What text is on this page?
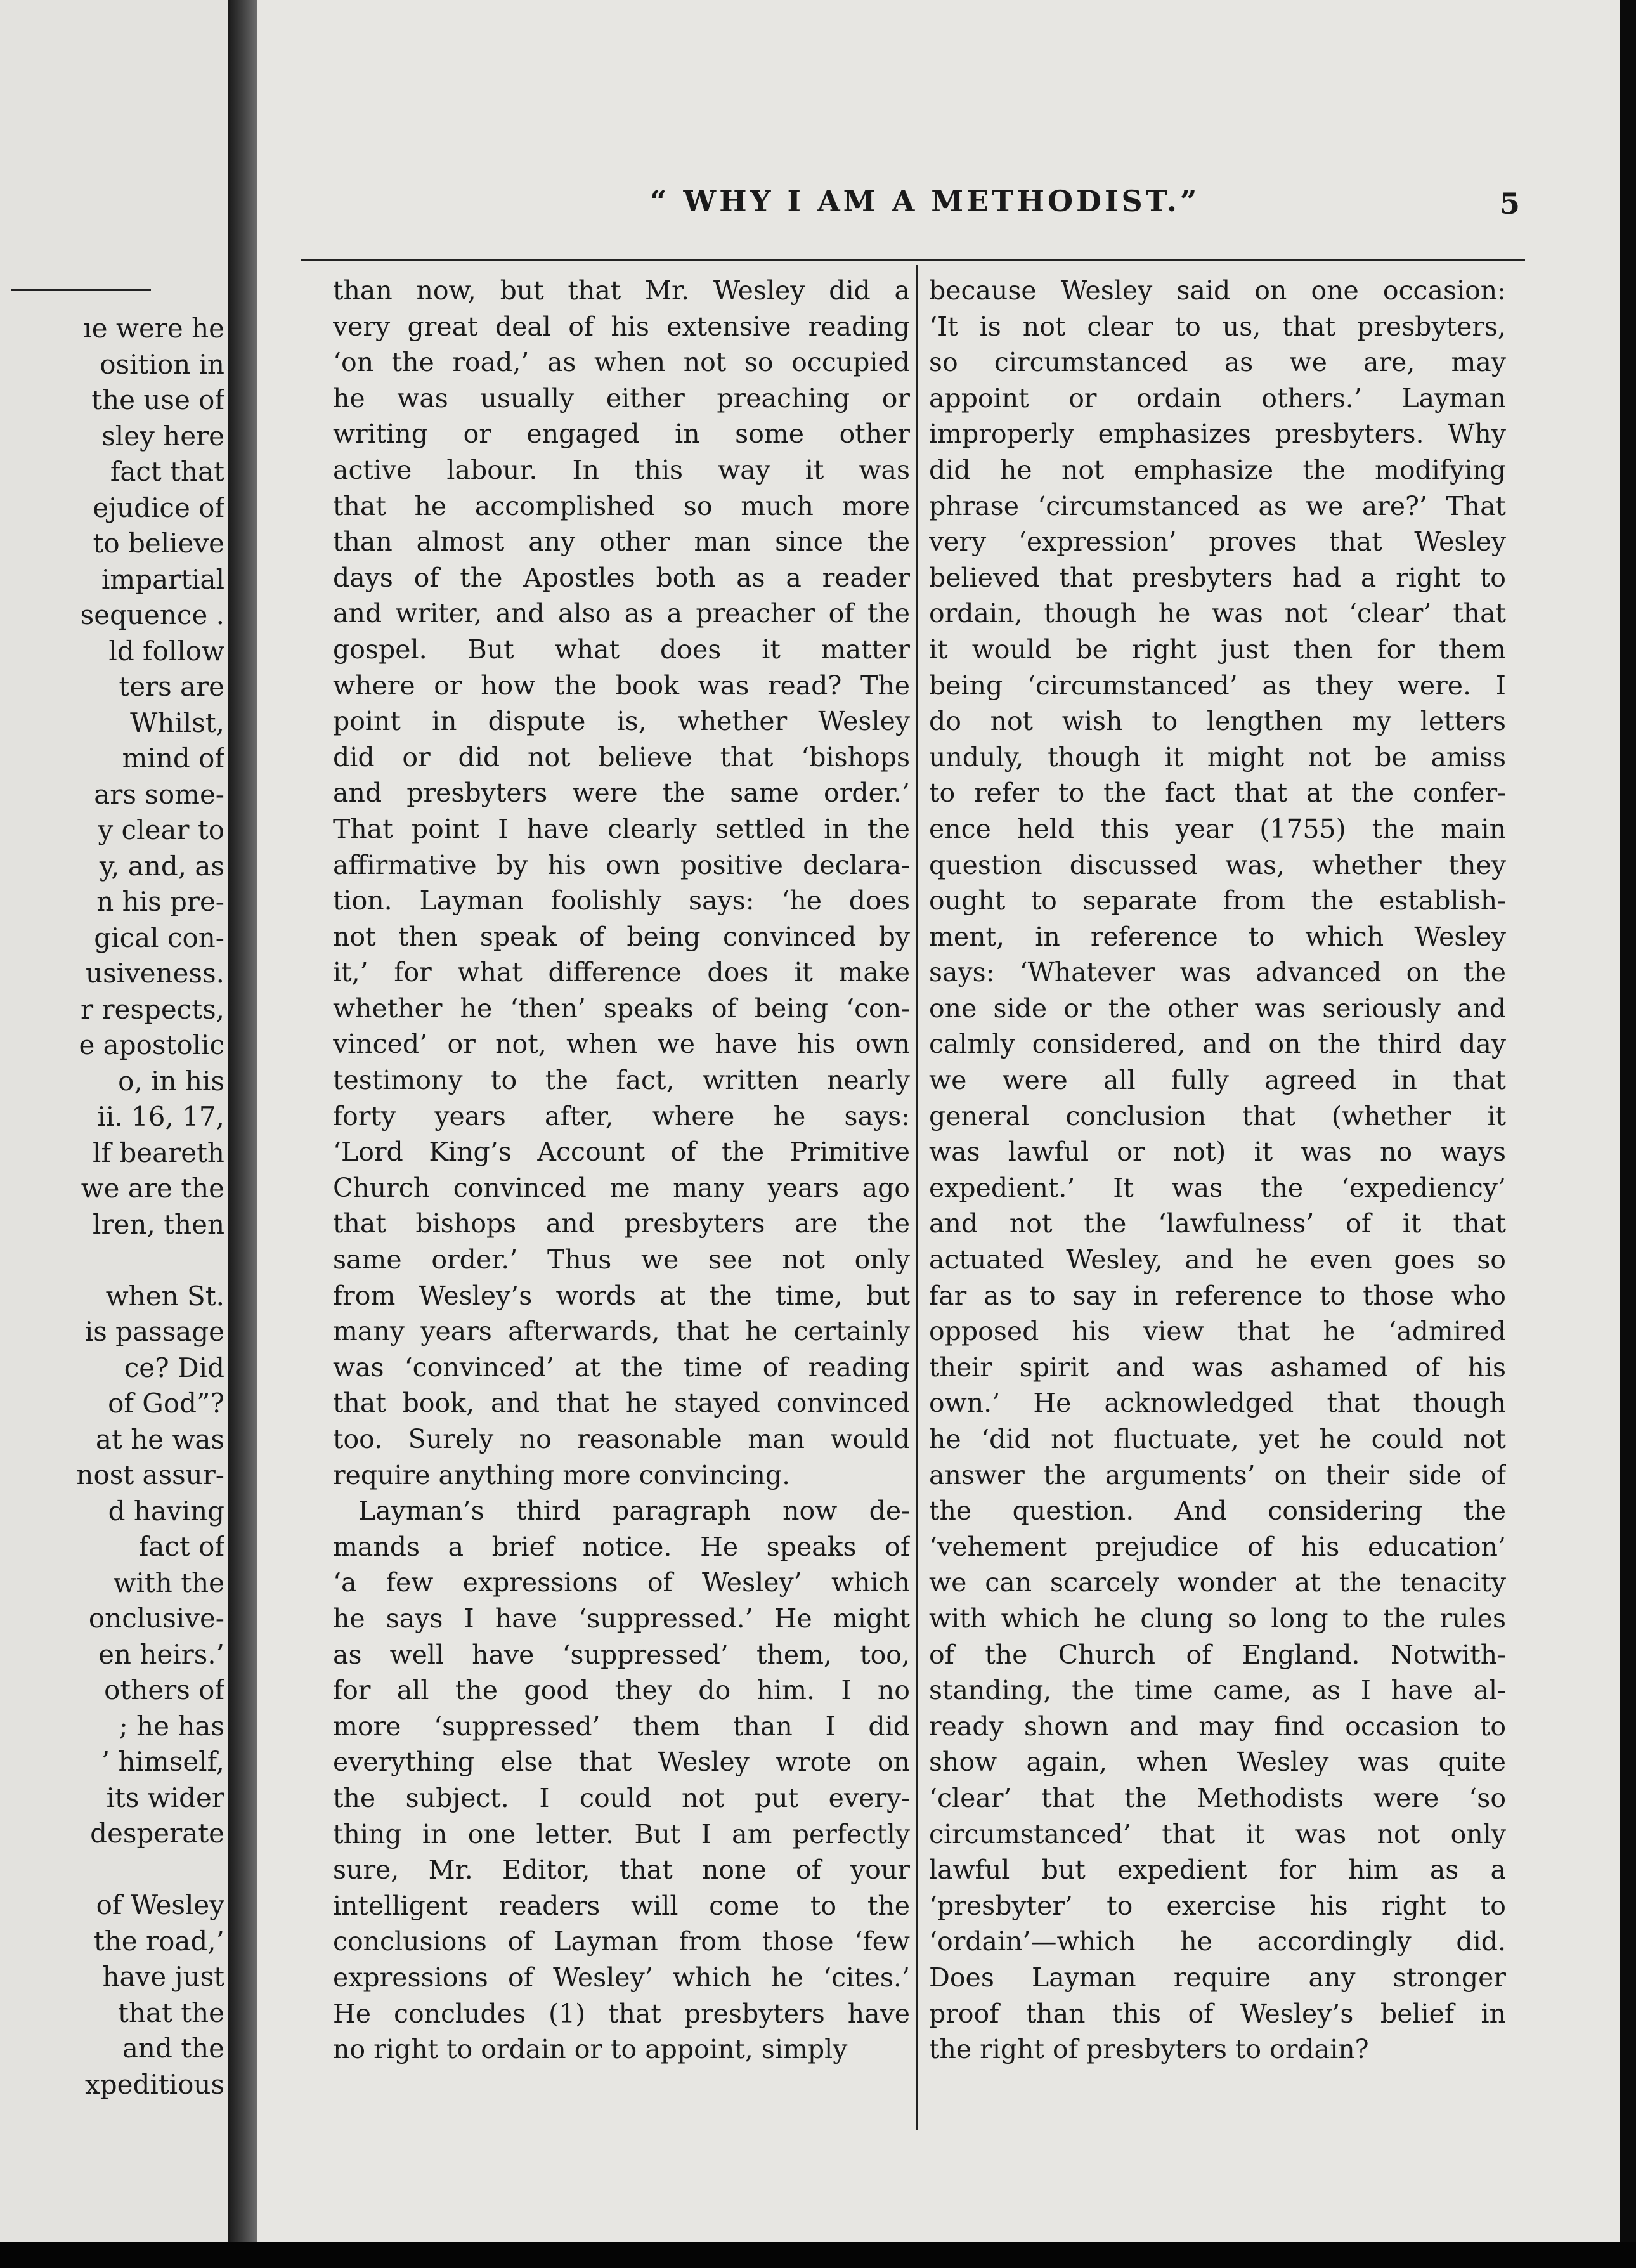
ıe were he
osition in
the use of
sley here
fact that
ejudice of
to believe
impartial
sequence .
ld follow
ters are
Whilst,
mind of
ars some-
y clear to
y, and, as
n his pre-
gical con-
usiveness.
r respects,
e apostolic
o, in his
ii. 16, 17,
lf beareth
we are the
lren, then
when St.
is passage
ce? Did
of God”?
at he was
nost assur-
d having
fact of
with the
onclusive-
en heirs.’
others of
; he has
’ himself,
its wider
desperate
of Wesley
the road,’
have just
that the
and the
xpeditious
“ WHY I AM A METHODIST.”	5
than now, but that Mr. Wesley did a
very great deal of his extensive reading
‘on the road,’ as when not so occupied
he was usually either preaching or
writing or engaged in some other
active labour. In this way it was
that he accomplished so much more
than almost any other man since the
days of the Apostles both as a reader
and writer, and also as a preacher of the
gospel. But what does it matter
where or how the book was read? The
point in dispute is, whether Wesley
did or did not believe that ‘bishops
and presbyters were the same order.’
That point I have clearly settled in the
affirmative by his own positive declara-
tion. Layman foolishly says: ‘he does
not then speak of being convinced by
it,’ for what difference does it make
whether he ‘then’ speaks of being ‘con-
vinced’ or not, when we have his own
testimony to the fact, written nearly
forty years after, where he says:
‘Lord King’s Account of the Primitive
Church convinced me many years ago
that bishops and presbyters are the
same order.’ Thus we see not only
from Wesley’s words at the time, but
many years afterwards, that he certainly
was ‘convinced’ at the time of reading
that book, and that he stayed convinced
too. Surely no reasonable man would
require anything more convincing.
Layman’s third paragraph now de-
mands a brief notice. He speaks of
‘a few expressions of Wesley’ which
he says I have ‘suppressed.’ He might
as well have ‘suppressed’ them, too,
for all the good they do him. I no
more ‘suppressed’ them than I did
everything else that Wesley wrote on
the subject. I could not put every-
thing in one letter. But I am perfectly
sure, Mr. Editor, that none of your
intelligent readers will come to the
conclusions of Layman from those ‘few
expressions of Wesley’ which he ‘cites.’
He concludes (1) that presbyters have
no right to ordain or to appoint, simply
because Wesley said on one occasion:
‘It is not clear to us, that presbyters,
so circumstanced as we are, may
appoint or ordain others.’ Layman
improperly emphasizes presbyters. Why
did he not emphasize the modifying
phrase ‘circumstanced as we are?’ That
very ‘expression’ proves that Wesley
believed that presbyters had a right to
ordain, though he was not ‘clear’ that
it would be right just then for them
being ‘circumstanced’ as they were. I
do not wish to lengthen my letters
unduly, though it might not be amiss
to refer to the fact that at the confer-
ence held this year (1755) the main
question discussed was, whether they
ought to separate from the establish-
ment, in reference to which Wesley
says: ‘Whatever was advanced on the
one side or the other was seriously and
calmly considered, and on the third day
we were all fully agreed in that
general conclusion that (whether it
was lawful or not) it was no ways
expedient.’ It was the ‘expediency’
and not the ‘lawfulness’ of it that
actuated Wesley, and he even goes so
far as to say in reference to those who
opposed his view that he ‘admired
their spirit and was ashamed of his
own.’ He acknowledged that though
he ‘did not fluctuate, yet he could not
answer the arguments’ on their side of
the question. And considering the
‘vehement prejudice of his education’
we can scarcely wonder at the tenacity
with which he clung so long to the rules
of the Church of England. Notwith-
standing, the time came, as I have al-
ready shown and may find occasion to
show again, when Wesley was quite
‘clear’ that the Methodists were ‘so
circumstanced’ that it was not only
lawful but expedient for him as a
‘presbyter’ to exercise his right to
‘ordain’—which he accordingly did.
Does Layman require any stronger
proof than this of Wesley’s belief in
the right of presbyters to ordain?
